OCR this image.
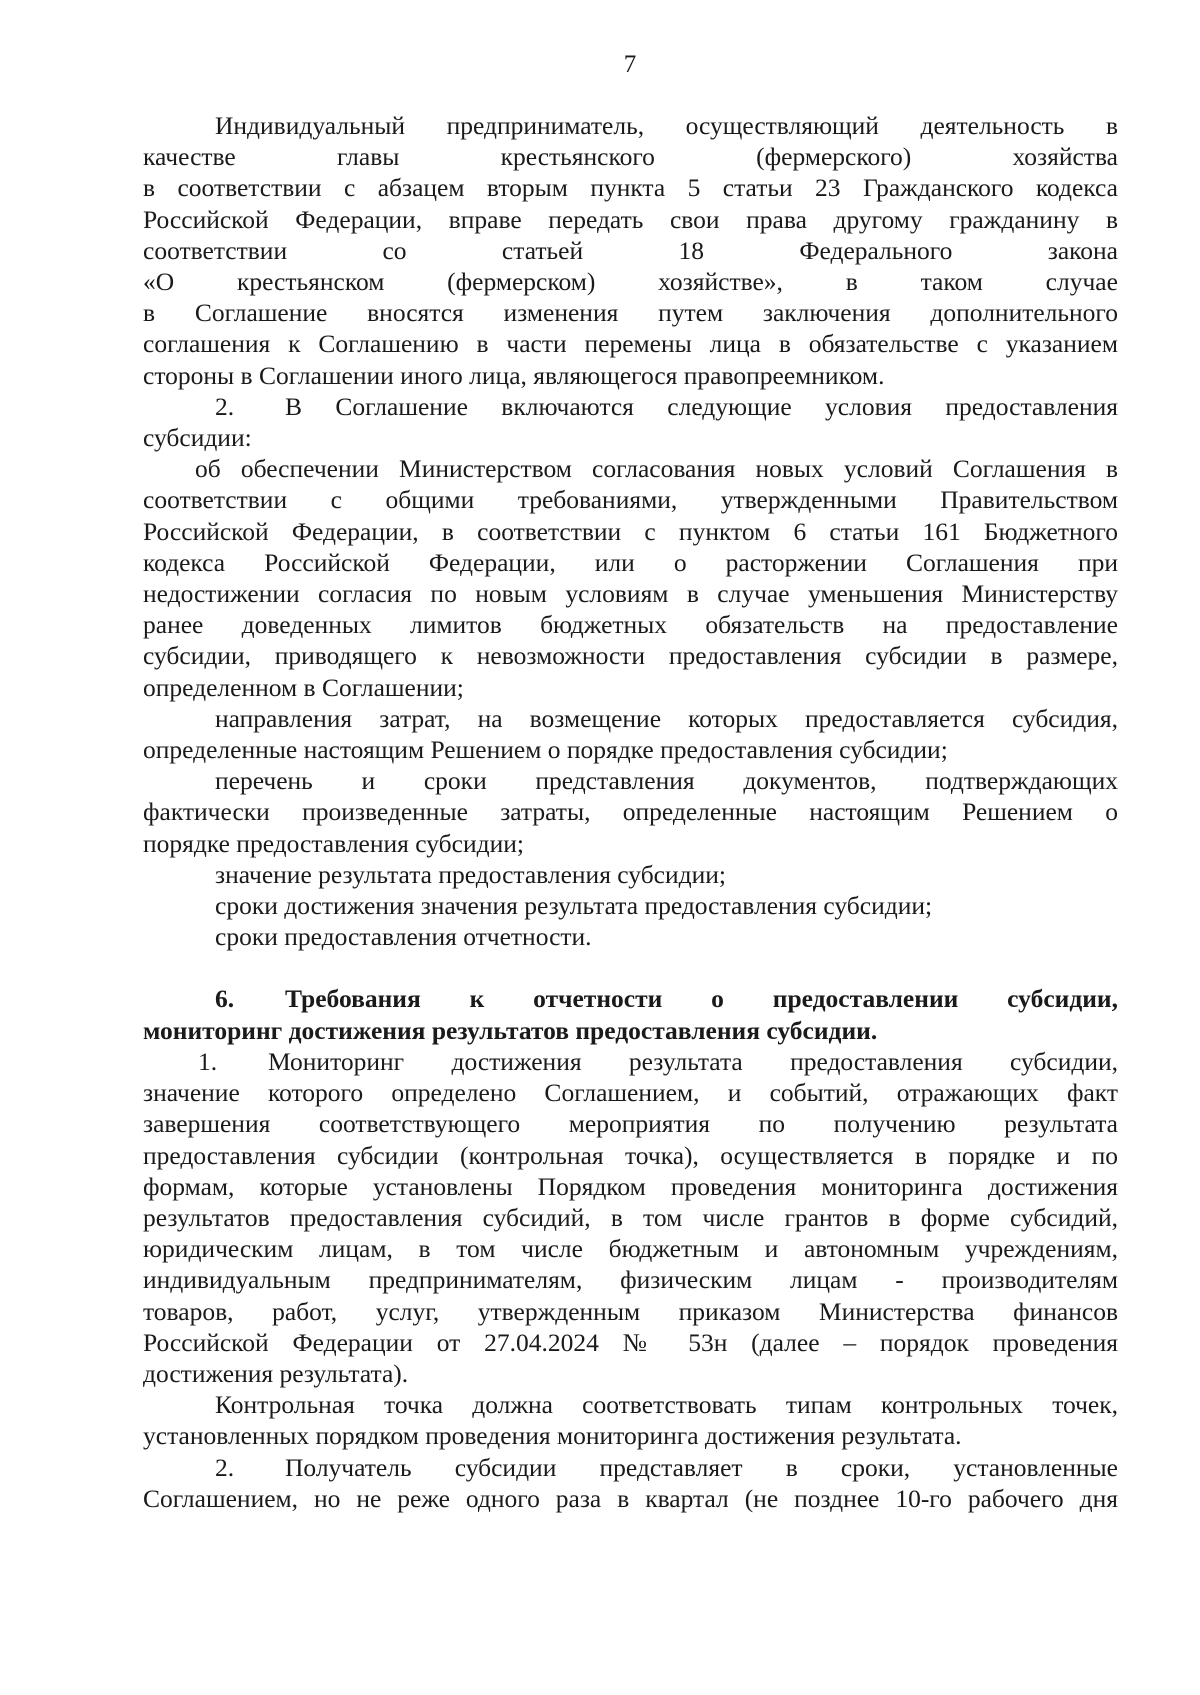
7
Индивидуальный предприниматель, осуществляющий деятельность в
качестве	главы	крестьянского	(фермерского)	хозяйства
в соответствии с абзацем вторым пункта 5 статьи 23 Гражданского кодекса
Российской Федерации, вправе передать свои права другому гражданину в
соответствии	со	статьей	18	Федерального	закона
«О крестьянском (фермерском) хозяйстве», в таком случае
в Соглашение вносятся изменения путем заключения дополнительного
соглашения к Соглашению в части перемены лица в обязательстве с указанием
стороны в Соглашении иного лица, являющегося правопреемником.
2. В Соглашение включаются следующие условия предоставления
субсидии:
об обеспечении Министерством согласования новых условий Соглашения в
соответствии с общими требованиями, утвержденными Правительством
Российской Федерации, в соответствии с пунктом 6 статьи 161 Бюджетного
кодекса Российской Федерации, или о расторжении Соглашения при
недостижении согласия по новым условиям в случае уменьшения Министерству
ранее доведенных лимитов бюджетных обязательств на предоставление
субсидии, приводящего к невозможности предоставления субсидии в размере,
определенном в Соглашении;
направления затрат, на возмещение которых предоставляется субсидия,
определенные настоящим Решением о порядке предоставления субсидии;
перечень и сроки представления документов, подтверждающих
фактически произведенные затраты, определенные настоящим Решением о
порядке предоставления субсидии;
значение результата предоставления субсидии;
сроки достижения значения результата предоставления субсидии;
сроки предоставления отчетности.
6. Требования к отчетности о предоставлении субсидии,
мониторинг достижения результатов предоставления субсидии.
1. Мониторинг достижения результата предоставления субсидии,
значение которого определено Соглашением, и событий, отражающих факт
завершения соответствующего мероприятия по получению результата
предоставления субсидии (контрольная точка), осуществляется в порядке и по
формам, которые установлены Порядком проведения мониторинга достижения
результатов предоставления субсидий, в том числе грантов в форме субсидий,
юридическим лицам, в том числе бюджетным и автономным учреждениям,
индивидуальным предпринимателям, физическим лицам - производителям
товаров, работ, услуг, утвержденным приказом Министерства финансов
Российской Федерации от 27.04.2024 № 53н (далее – порядок проведения
достижения результата).
Контрольная точка должна соответствовать типам контрольных точек,
установленных порядком проведения мониторинга достижения результата.
2. Получатель субсидии представляет в сроки, установленные
Соглашением, но не реже одного раза в квартал (не позднее 10-го рабочего дня
